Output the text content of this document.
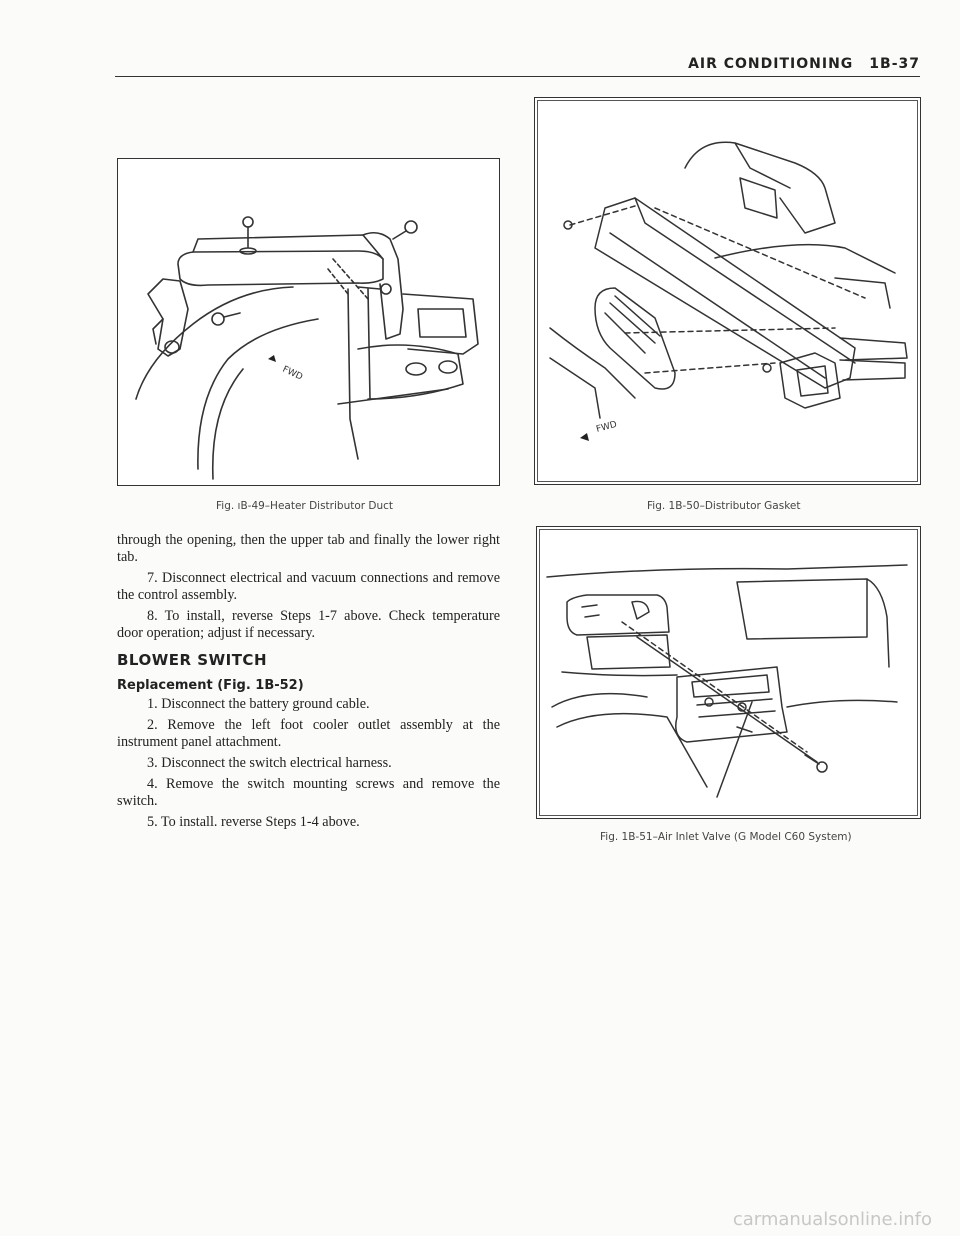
AIR CONDITIONING 1B-37
FWD
Fig. ıB-49–Heater Distributor Duct
FWD
Fig. 1B-50–Distributor Gasket
Fig. 1B-51–Air Inlet Valve (G Model C60 System)

through the opening, then the upper tab and finally the lower right tab.

7. Disconnect electrical and vacuum connections and remove the control assembly.

8. To install, reverse Steps 1-7 above. Check temperature door operation; adjust if necessary.

BLOWER SWITCH
Replacement (Fig. 1B-52)

1. Disconnect the battery ground cable.

2. Remove the left foot cooler outlet assembly at the instrument panel attachment.

3. Disconnect the switch electrical harness.

4. Remove the switch mounting screws and remove the switch.

5. To install. reverse Steps 1-4 above.

carmanualsonline.info
